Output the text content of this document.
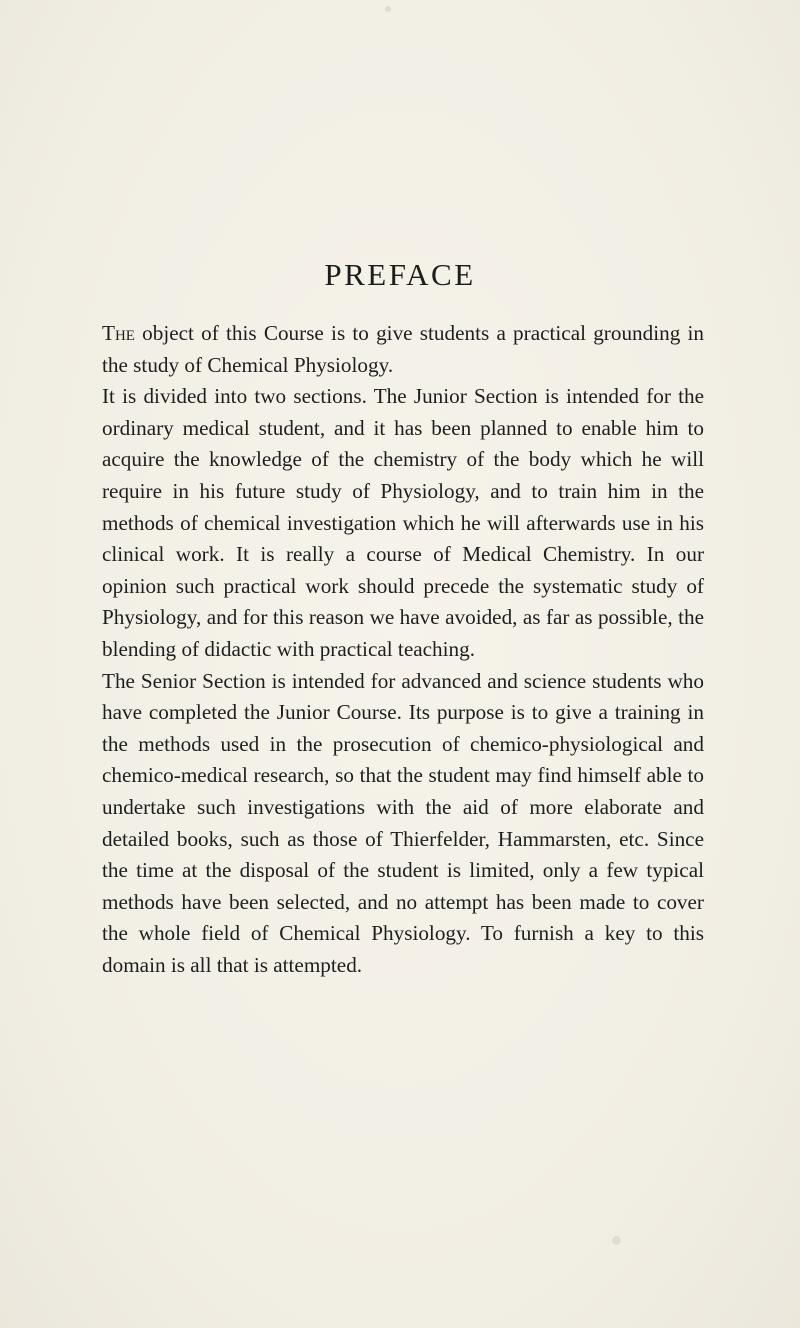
PREFACE

The object of this Course is to give students a practical grounding in the study of Chemical Physiology.

It is divided into two sections. The Junior Section is intended for the ordinary medical student, and it has been planned to enable him to acquire the knowledge of the chemistry of the body which he will require in his future study of Physiology, and to train him in the methods of chemical investigation which he will afterwards use in his clinical work. It is really a course of Medical Chemistry. In our opinion such practical work should precede the systematic study of Physiology, and for this reason we have avoided, as far as possible, the blending of didactic with practical teaching.

The Senior Section is intended for advanced and science students who have completed the Junior Course. Its purpose is to give a training in the methods used in the prosecution of chemico-physiological and chemico-medical research, so that the student may find himself able to undertake such investigations with the aid of more elaborate and detailed books, such as those of Thierfelder, Hammarsten, etc. Since the time at the disposal of the student is limited, only a few typical methods have been selected, and no attempt has been made to cover the whole field of Chemical Physiology. To furnish a key to this domain is all that is attempted.
